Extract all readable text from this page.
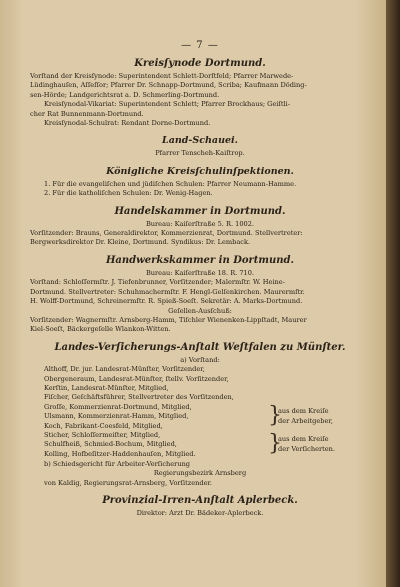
— 7 —
Kreisſynode Dortmund.
Vorſtand der Kreisſynode: Superintendent Schlett-Dorſtfeld; Pfarrer Marwede-
Lüdinghauſen, Aſſeſſor; Pfarrer Dr. Schnapp-Dortmund, Scriba; Kaufmann Döding-
sen-Hörde; Landgerichtsrat a. D. Schmerling-Dortmund.
Kreisſynodal-Vikariat: Superintendent Schlett; Pfarrer Brockhaus; Geiſtli-
cher Rat Bunnenmann-Dortmund.
Kreisſynodal-Schulrat: Rendant Dorne-Dortmund.
Land-Schauei.
Pfarrer Tenscheh-Kaiſtrop.
Königliche Kreisſchulinſpektionen.
1. Für die evangeliſchen und jüdiſchen Schulen: Pfarrer Neumann-Hamme.
2. Für die katholiſchen Schulen: Dr. Wenig-Hagen.
Handelskammer in Dortmund.
Bureau: Kaiſerſtraße 5. R. 1002.
Vorſitzender: Brauns, Generaldirektor, Kommerzienrat, Dortmund. Stellvertreter:
Bergwerksdirektor Dr. Kleine, Dortmund. Syndikus: Dr. Lemback.
Handwerkskammer in Dortmund.
Bureau: Kaiſerſtraße 18. R. 710.
Vorſtand: Schloſſermſtr. J. Tiefenbrunner, Vorſitzender; Malermſtr. W. Heine-
Dortmund. Stellvertreter: Schuhmachermſtr. F. Hengl-Gelſenkirchen. Maurermſtr.
H. Wolff-Dortmund, Schreinermſtr. R. Spieß-Soeſt. Sekretär: A. Marks-Dortmund.
Geſellen-Ausſchuß:
Vorſitzender: Wagnermſtr. Arnsberg-Hamm, Tiſchler Wienenken-Lippſtadt, Maurer
Kiel-Soeſt, Bäckergeſelle Wlankon-Witten.
Landes-Verſicherungs-Anſtalt Weſtfalen zu Münſter.
a) Vorſtand:
Althoff, Dr. jur. Landesrat-Münſter, Vorſitzender,
Obergeneraum, Landesrat-Münſter, ſtellv. Vorſitzender,
Kerſtin, Landesrat-Münſter, Mitglied,
Fiſcher, Geſchäftsführer, Stellvertreter des Vorſitzenden,
Groſſe, Kommerzienrat-Dortmund, Mitglied,
Ulsmann, Kommerzienrat-Hamm, Mitglied,
Koch, Fabrikant-Coesfeld, Mitglied,
Sticher, Schloſſermeiſter, Mitglied,
Schulfheiß, Schmied-Bochum, Mitglied,
Kolling, Hofbeſitzer-Haddenhauſen, Mitglied.
}
}
aus dem Kreiſe
der Arbeitgeber,
aus dem Kreiſe
der Verſicherten.
b) Schiedsgericht für Arbeiter-Verſicherung
Regierungsbezirk Arnsberg
von Kaldig, Regierungsrat-Arnsberg, Vorſitzender.
Provinzial-Irren-Anſtalt Aplerbeck.
Direktor: Arzt Dr. Bädeker-Aplerbeck.
